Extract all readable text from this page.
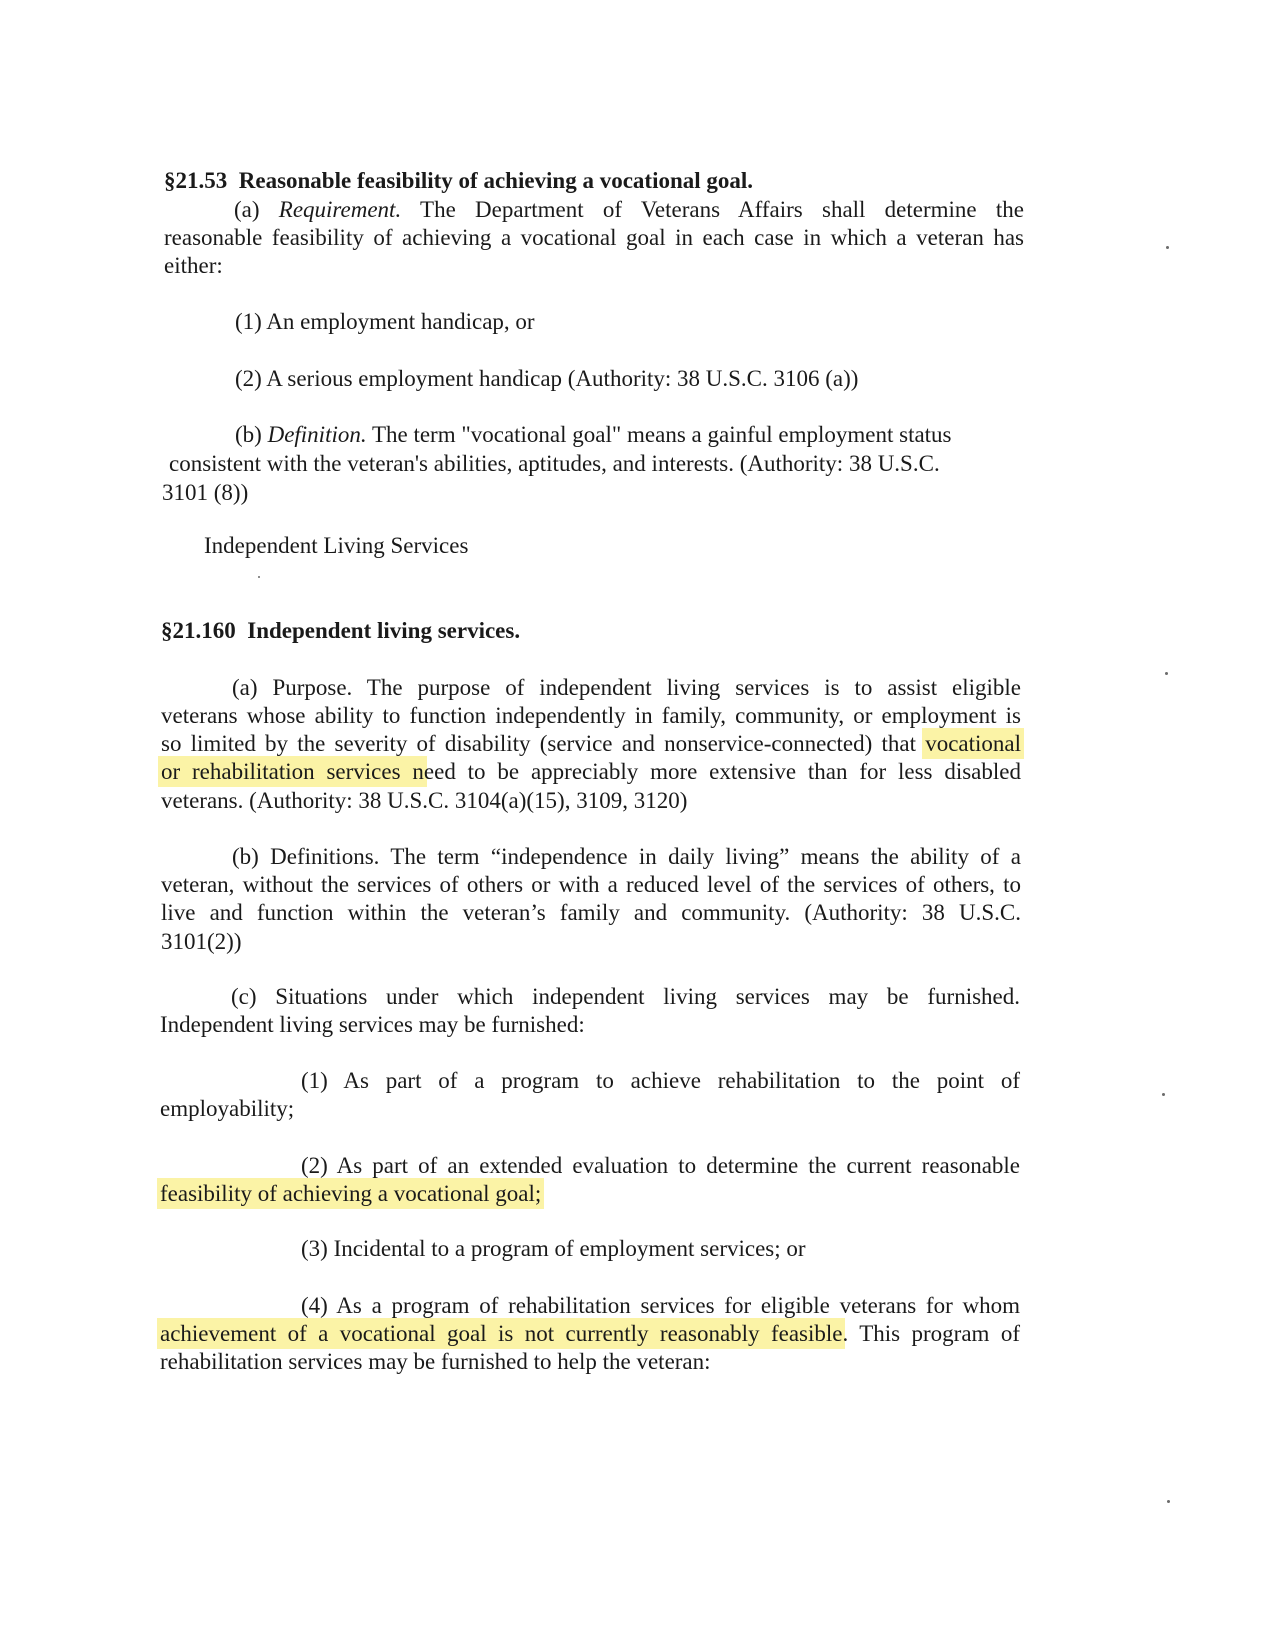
§21.53 Reasonable feasibility of achieving a vocational goal.
(a) Requirement. The Department of Veterans Affairs shall determine the
reasonable feasibility of achieving a vocational goal in each case in which a veteran has
either:
(1) An employment handicap, or
(2) A serious employment handicap (Authority: 38 U.S.C. 3106 (a))
(b) Definition. The term "vocational goal" means a gainful employment status
consistent with the veteran's abilities, aptitudes, and interests. (Authority: 38 U.S.C.
3101 (8))
Independent Living Services
§21.160 Independent living services.
(a) Purpose. The purpose of independent living services is to assist eligible
veterans whose ability to function independently in family, community, or employment is
so limited by the severity of disability (service and nonservice-connected) that vocational
or rehabilitation services need to be appreciably more extensive than for less disabled
veterans. (Authority: 38 U.S.C. 3104(a)(15), 3109, 3120)
(b) Definitions. The term “independence in daily living” means the ability of a
veteran, without the services of others or with a reduced level of the services of others, to
live and function within the veteran’s family and community. (Authority: 38 U.S.C.
3101(2))
(c) Situations under which independent living services may be furnished.
Independent living services may be furnished:
(1) As part of a program to achieve rehabilitation to the point of
employability;
(2) As part of an extended evaluation to determine the current reasonable
feasibility of achieving a vocational goal;
(3) Incidental to a program of employment services; or
(4) As a program of rehabilitation services for eligible veterans for whom
achievement of a vocational goal is not currently reasonably feasible. This program of
rehabilitation services may be furnished to help the veteran:
